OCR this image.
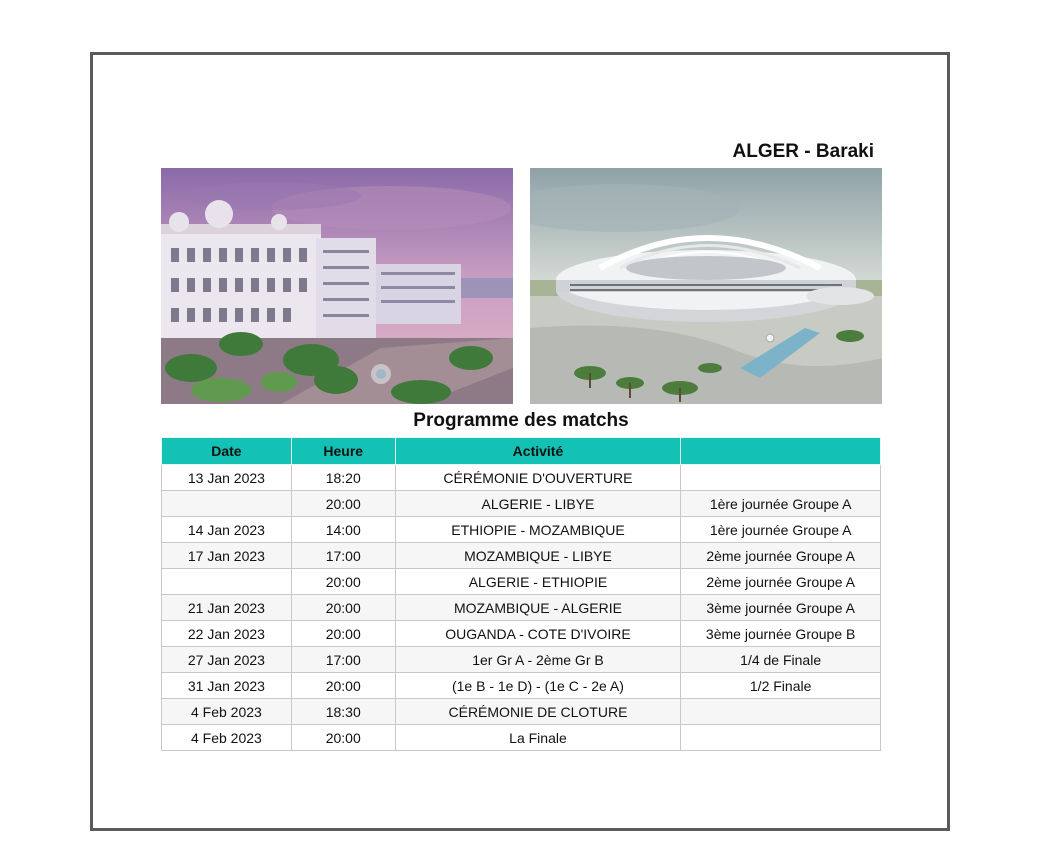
ALGER - Baraki
Programme des matchs
Date	Heure	Activité	
13 Jan 2023	18:20	CÉRÉMONIE D'OUVERTURE	
	20:00	ALGERIE - LIBYE	1ère journée Groupe A
14 Jan 2023	14:00	ETHIOPIE - MOZAMBIQUE	1ère journée Groupe A
17 Jan 2023	17:00	MOZAMBIQUE - LIBYE	2ème journée Groupe A
	20:00	ALGERIE - ETHIOPIE	2ème journée Groupe A
21 Jan 2023	20:00	MOZAMBIQUE - ALGERIE	3ème journée Groupe A
22 Jan 2023	20:00	OUGANDA - COTE D'IVOIRE	3ème journée Groupe B
27 Jan 2023	17:00	1er Gr A - 2ème Gr B	1/4 de Finale
31 Jan 2023	20:00	(1e B - 1e D) - (1e C - 2e A)	1/2 Finale
4 Feb 2023	18:30	CÉRÉMONIE DE CLOTURE	
4 Feb 2023	20:00	La Finale	
